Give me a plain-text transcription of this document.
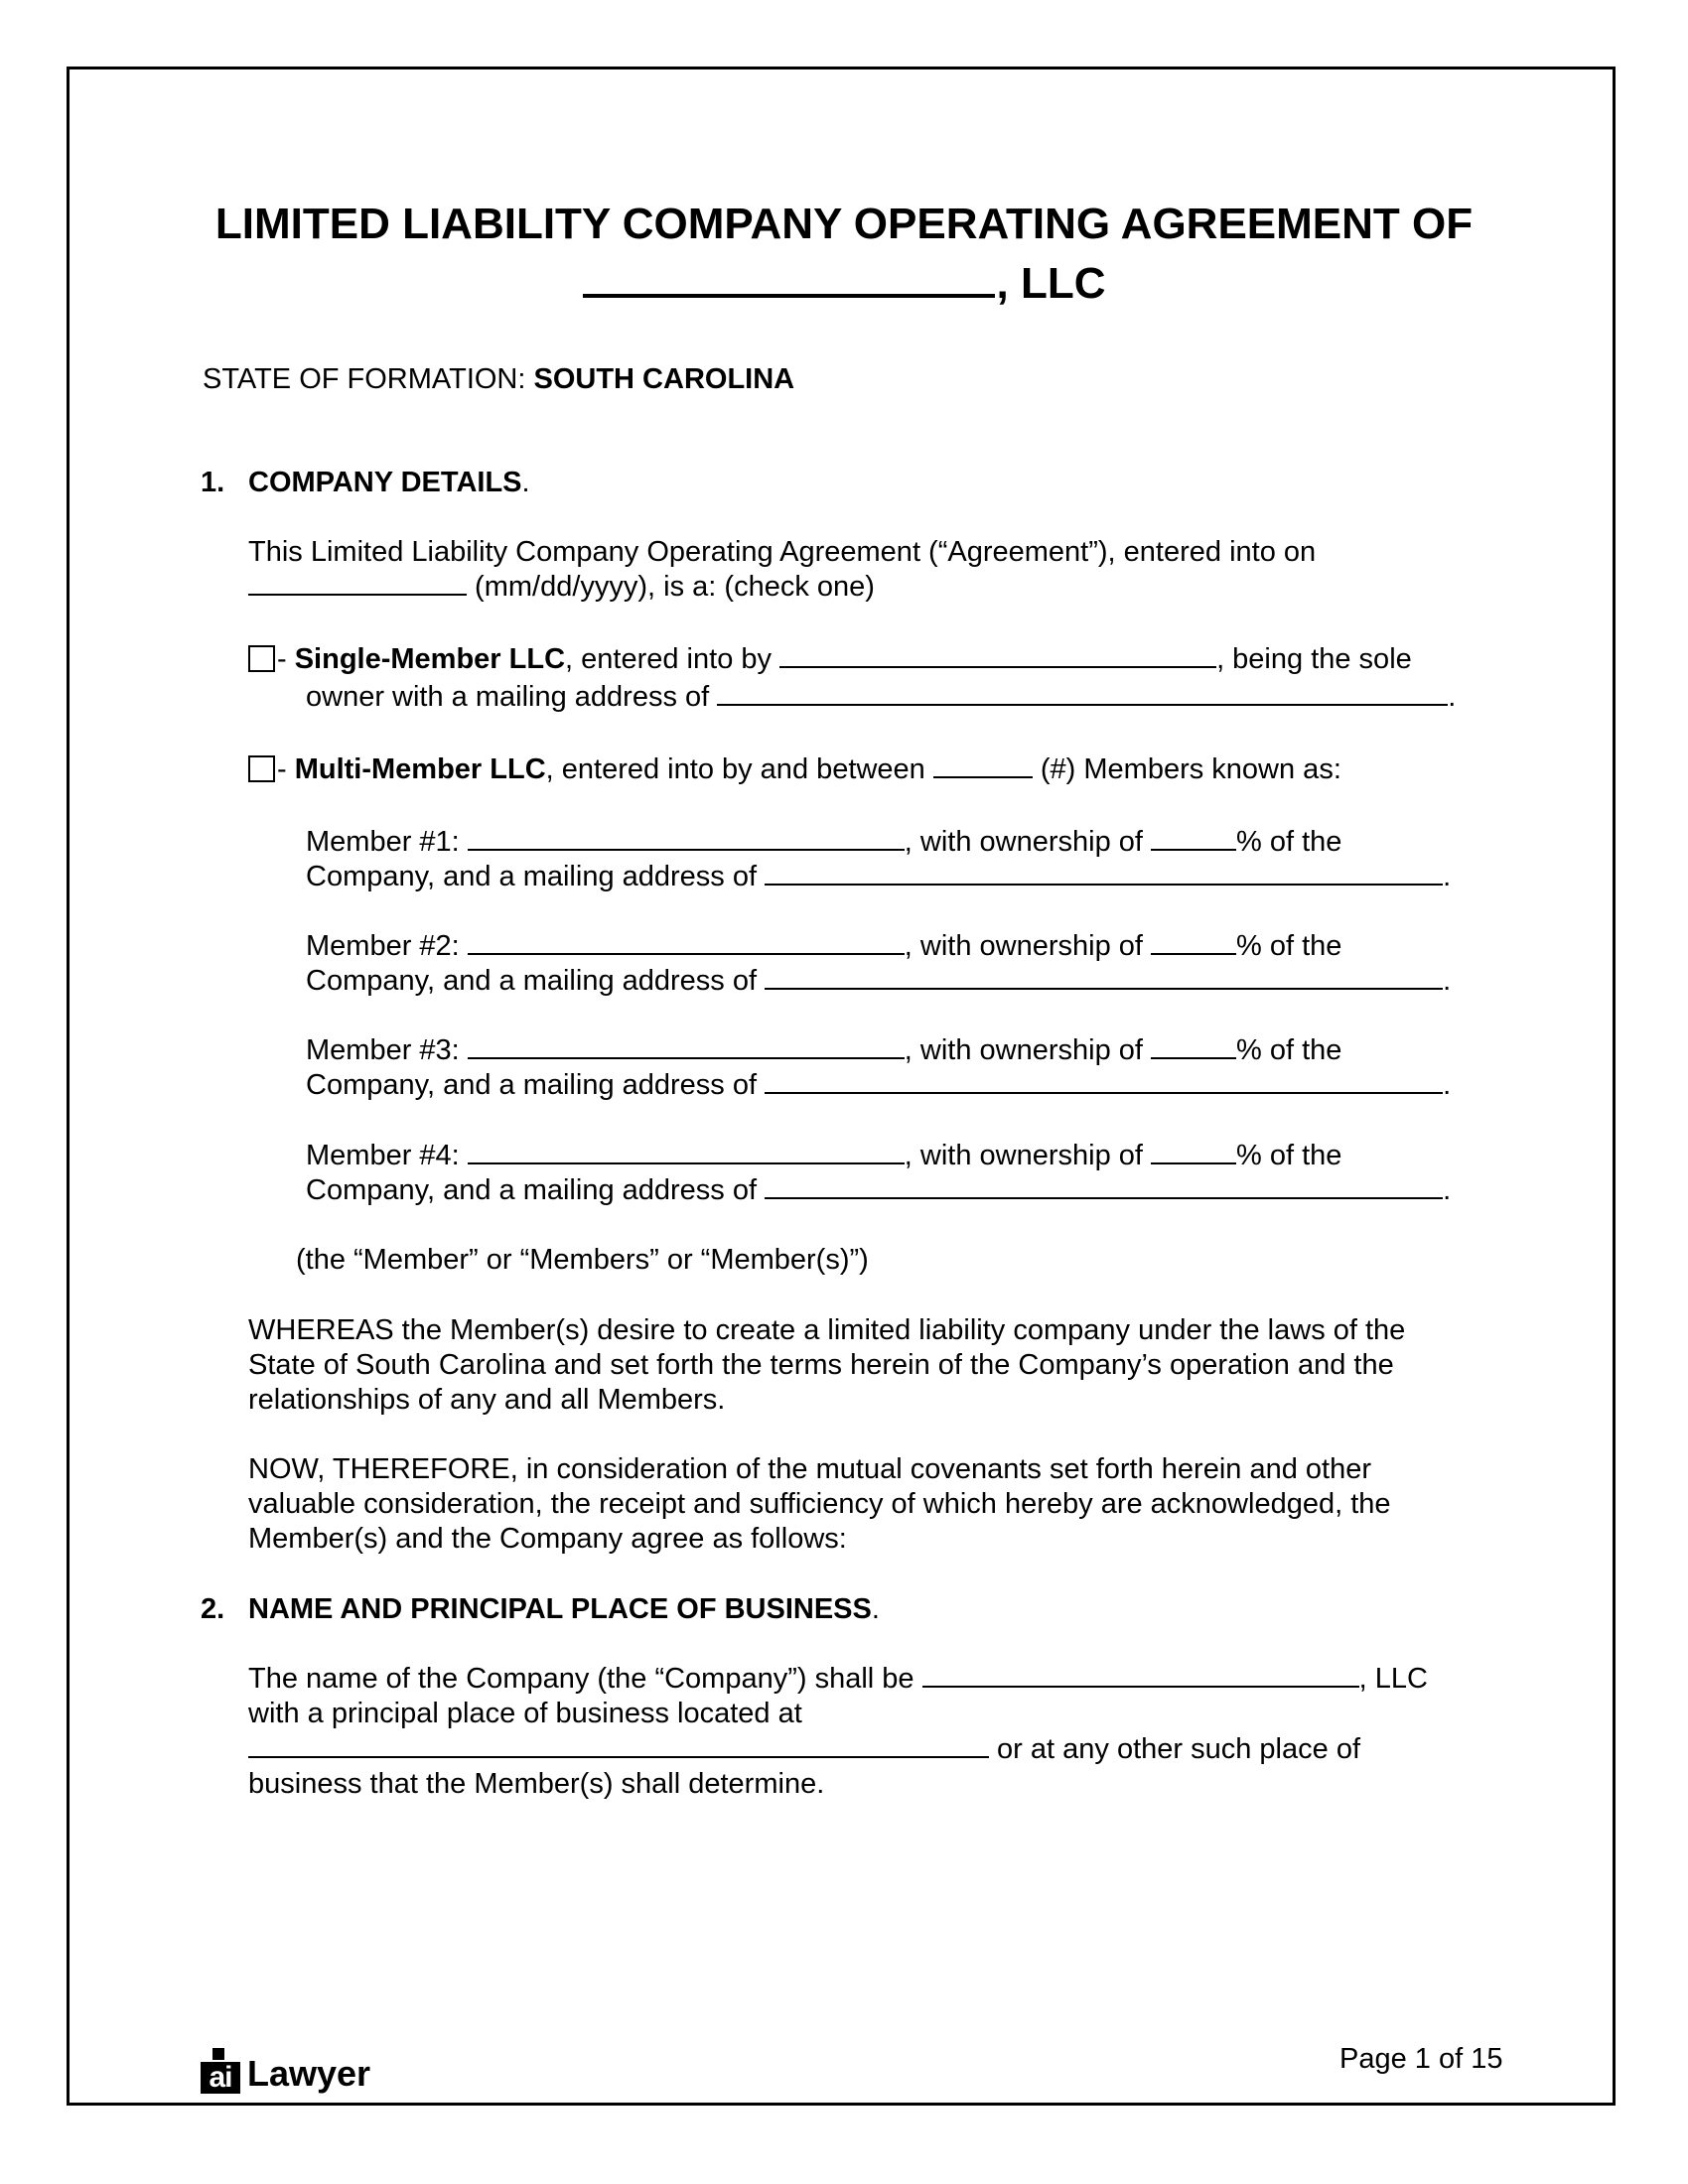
LIMITED LIABILITY COMPANY OPERATING AGREEMENT OF
, LLC
STATE OF FORMATION: SOUTH CAROLINA
1. COMPANY DETAILS.
This Limited Liability Company Operating Agreement (“Agreement”), entered into on
(mm/dd/yyyy), is a: (check one)
- Single-Member LLC, entered into by	, being the sole
owner with a mailing address of	.
- Multi-Member LLC, entered into by and between	(#) Members known as:
Member #1:	, with ownership of	% of the
Company, and a mailing address of	.
Member #2:	, with ownership of	% of the
Company, and a mailing address of	.
Member #3:	, with ownership of	% of the
Company, and a mailing address of	.
Member #4:	, with ownership of	% of the
Company, and a mailing address of	.
(the “Member” or “Members” or “Member(s)”)
WHEREAS the Member(s) desire to create a limited liability company under the laws of the
State of South Carolina and set forth the terms herein of the Company’s operation and the
relationships of any and all Members.
NOW, THEREFORE, in consideration of the mutual covenants set forth herein and other
valuable consideration, the receipt and sufficiency of which hereby are acknowledged, the
Member(s) and the Company agree as follows:
2. NAME AND PRINCIPAL PLACE OF BUSINESS.
The name of the Company (the “Company”) shall be	, LLC
with a principal place of business located at
or at any other such place of
business that the Member(s) shall determine.
ai Lawyer	Page 1 of 15
